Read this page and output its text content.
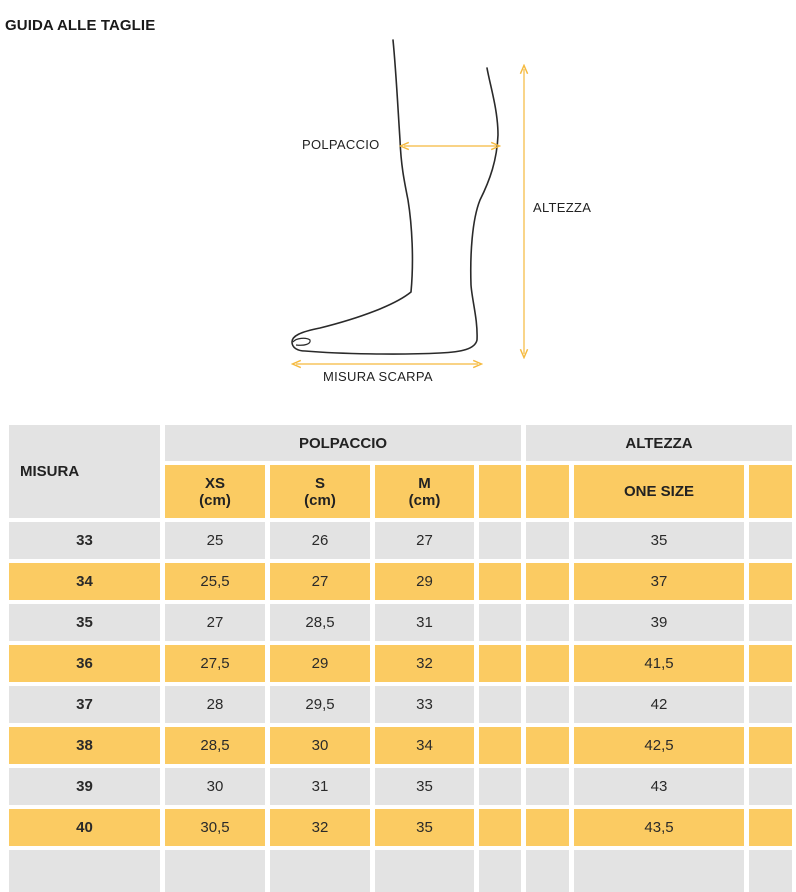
GUIDA ALLE TAGLIE
POLPACCIO
ALTEZZA
MISURA SCARPA
MISURA
POLPACCIO	ALTEZZA
XS
(cm)
S
(cm)
M
(cm)	ONE SIZE
33	25	26	27	35
34	25,5	27	29	37
35	27	28,5	31	39
36	27,5	29	32	41,5
37	28	29,5	33	42
38	28,5	30	34	42,5
39	30	31	35	43
40	30,5	32	35	43,5
